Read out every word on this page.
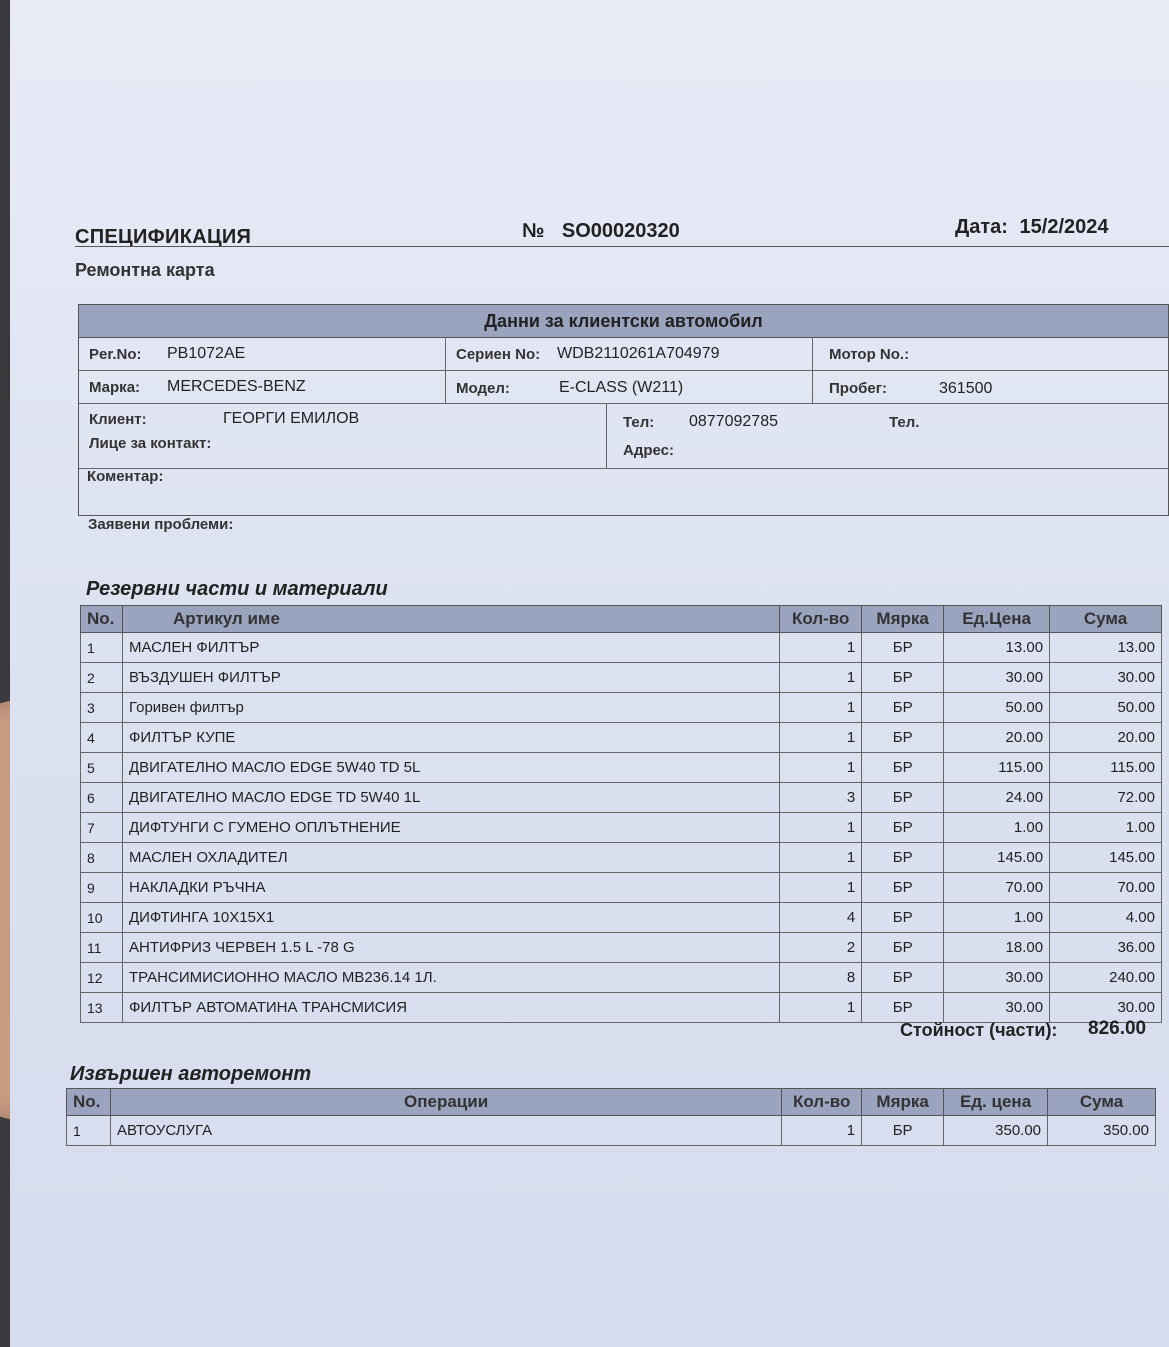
СПЕЦИФИКАЦИЯ	№ SO00020320	Дата: 15/2/2024
Ремонтна карта
Данни за клиентски автомобил
Per.No: PB1072AE	Сериен No: WDB2110261A704979	Мотор No.:
Марка: MERCEDES-BENZ	Модел:	E-CLASS (W211)	Пробег:	361500
Клиент:	ГЕОРГИ ЕМИЛОВ
Лице за контакт:
Тел: 0877092785	Тел.
Адрес:
Коментар:
Заявени проблеми:
Резервни части и материали
No.	Артикул име	Кол-во	Мярка	Ед.Цена	Сума
1	МАСЛЕН ФИЛТЪР	1	БР	13.00	13.00
2	ВЪЗДУШЕН ФИЛТЪР	1	БР	30.00	30.00
3	Горивен филтър	1	БР	50.00	50.00
4	ФИЛТЪР КУПЕ	1	БР	20.00	20.00
5	ДВИГАТЕЛНО МАСЛО EDGE 5W40 TD 5L	1	БР	115.00	115.00
6	ДВИГАТЕЛНО МАСЛО EDGE TD 5W40 1L	3	БР	24.00	72.00
7	ДИФТУНГИ С ГУМЕНО ОПЛЪТНЕНИЕ	1	БР	1.00	1.00
8	МАСЛЕН ОХЛАДИТЕЛ	1	БР	145.00	145.00
9	НАКЛАДКИ РЪЧНА	1	БР	70.00	70.00
10	ДИФТИНГА 10X15X1	4	БР	1.00	4.00
11	АНТИФРИЗ ЧЕРВЕН 1.5 L -78 G	2	БР	18.00	36.00
12	ТРАНСИМИСИОННО МАСЛО MB236.14 1Л.	8	БР	30.00	240.00
13	ФИЛТЪР АВТОМАТИНА ТРАНСМИСИЯ	1	БР	30.00	30.00
Стойност (части): 826.00
Извършен авторемонт
No.	Операции	Кол-во	Мярка	Ед. цена	Сума
1	АВТОУСЛУГА	1	БР	350.00	350.00
